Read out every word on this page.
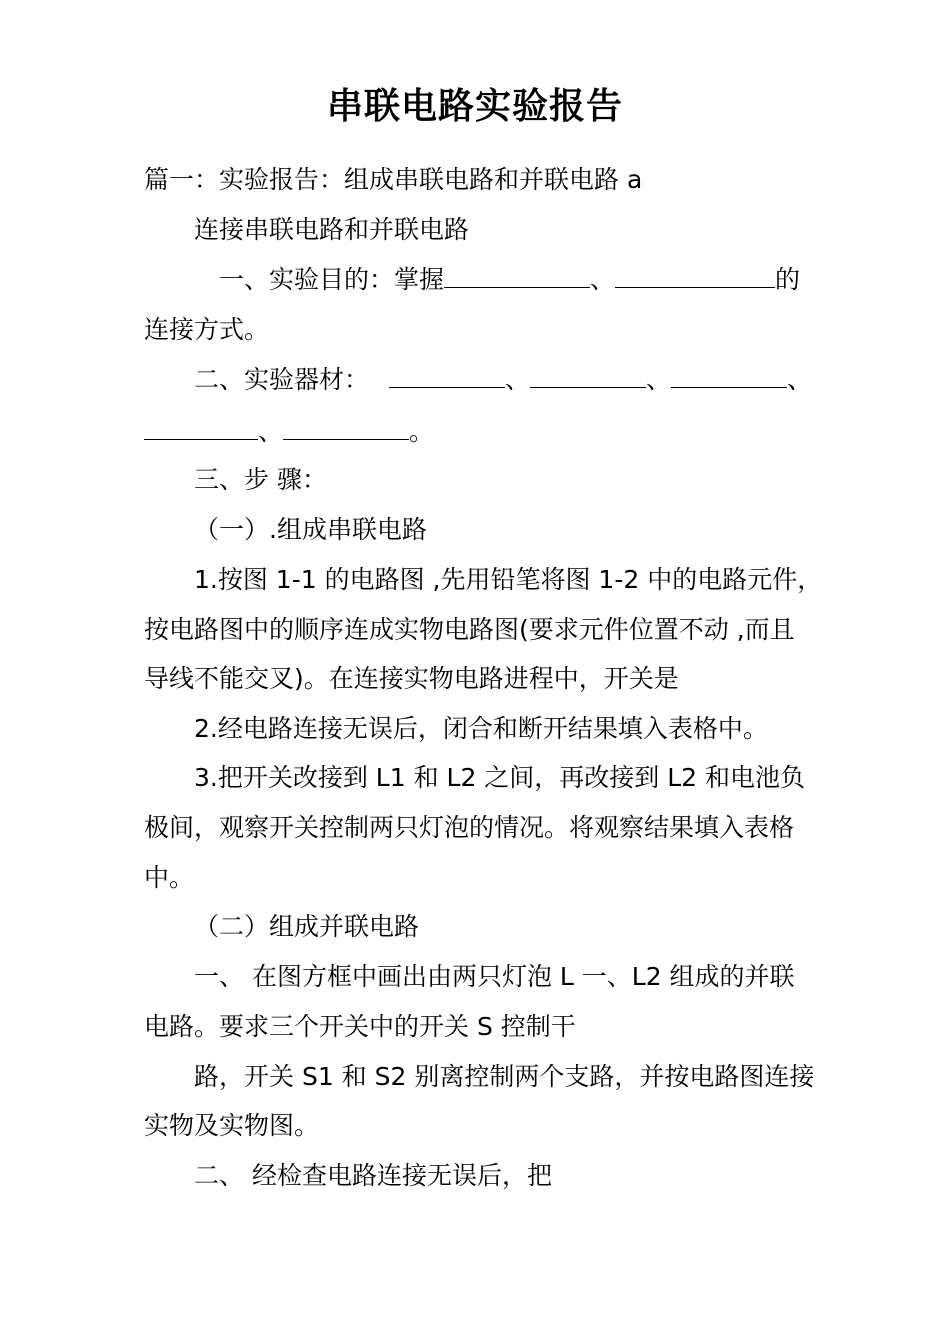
串联电路实验报告
篇一：实验报告：组成串联电路和并联电路 a
连接串联电路和并联电路
一、实验目的：掌握	、	的
连接方式。
二、实验器材：	、	、	、
、	。
三、步 骤：
（一）.组成串联电路
1.按图 1-1 的电路图 ,先用铅笔将图 1-2 中的电路元件，
按电路图中的顺序连成实物电路图(要求元件位置不动 ,而且
导线不能交叉)。在连接实物电路进程中，开关是
2.经电路连接无误后，闭合和断开结果填入表格中。
3.把开关改接到 L1 和 L2 之间，再改接到 L2 和电池负
极间，观察开关控制两只灯泡的情况。将观察结果填入表格
中。
（二）组成并联电路
一、 在图方框中画出由两只灯泡 L 一、L2 组成的并联
电路。要求三个开关中的开关 S 控制干
路，开关 S1 和 S2 别离控制两个支路，并按电路图连接
实物及实物图。
二、 经检查电路连接无误后，把
